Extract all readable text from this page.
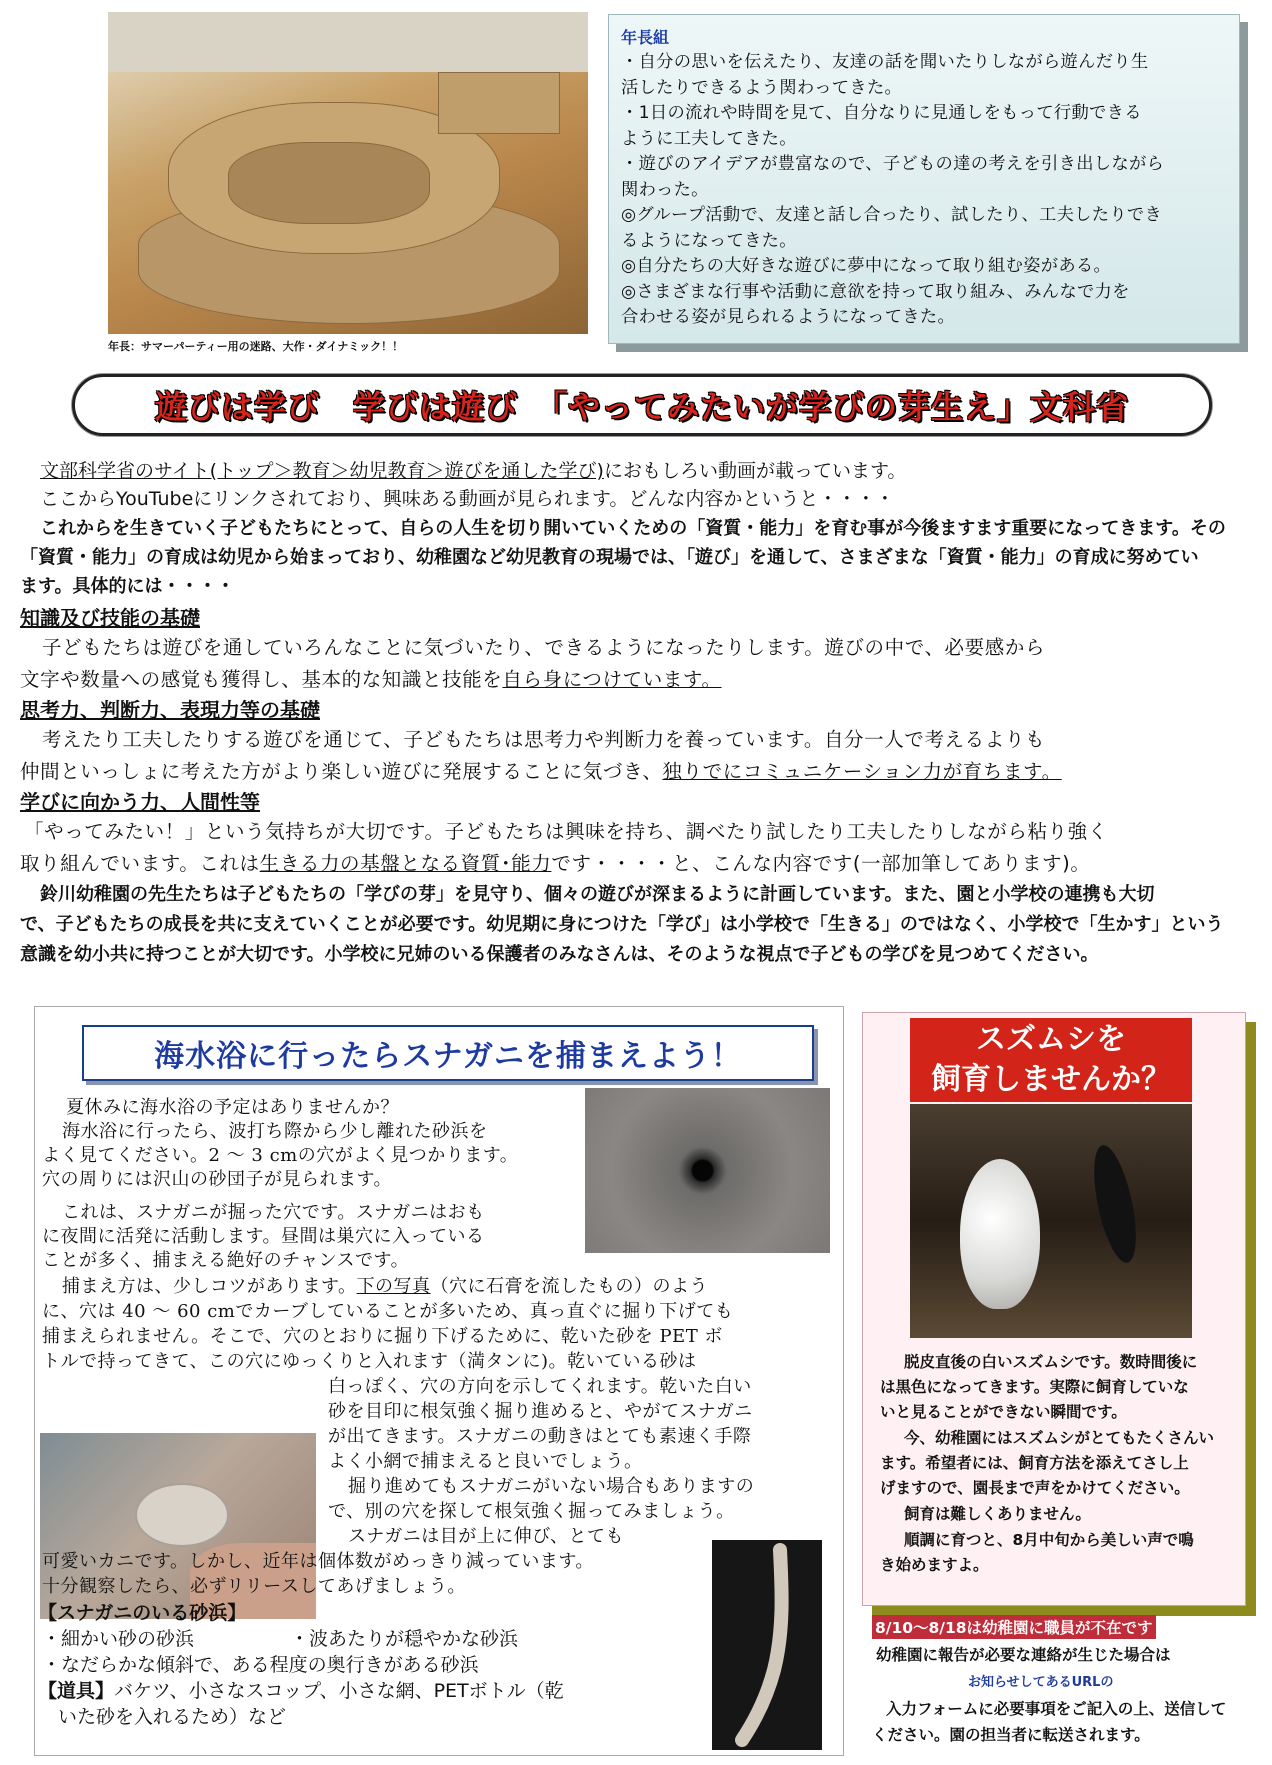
年長：サマーパーティー用の迷路、大作・ダイナミック！！
年長組
・自分の思いを伝えたり、友達の話を聞いたりしながら遊んだり生
活したりできるよう関わってきた。
・1日の流れや時間を見て、自分なりに見通しをもって行動できる
ように工夫してきた。
・遊びのアイデアが豊富なので、子どもの達の考えを引き出しながら
関わった。
◎グループ活動で、友達と話し合ったり、試したり、工夫したりでき
るようになってきた。
◎自分たちの大好きな遊びに夢中になって取り組む姿がある。
◎さまざまな行事や活動に意欲を持って取り組み、みんなで力を
合わせる姿が見られるようになってきた。
遊びは学び　学びは遊び　「やってみたいが学びの芽生え」文科省
文部科学省のサイト(トップ＞教育＞幼児教育＞遊びを通した学び)におもしろい動画が載っています。
ここからYouTubeにリンクされており、興味ある動画が見られます。どんな内容かというと・・・・
これからを生きていく子どもたちにとって、自らの人生を切り開いていくための「資質・能力」を育む事が今後ますます重要になってきます。その
「資質・能力」の育成は幼児から始まっており、幼稚園など幼児教育の現場では、「遊び」を通して、さまざまな「資質・能力」の育成に努めてい
ます。具体的には・・・・
知識及び技能の基礎
子どもたちは遊びを通していろんなことに気づいたり、できるようになったりします。遊びの中で、必要感から
文字や数量への感覚も獲得し、基本的な知識と技能を自ら身につけています。
思考力、判断力、表現力等の基礎
考えたり工夫したりする遊びを通じて、子どもたちは思考力や判断力を養っています。自分一人で考えるよりも
仲間といっしょに考えた方がより楽しい遊びに発展することに気づき、独りでにコミュニケーション力が育ちます。
学びに向かう力、人間性等
「やってみたい！」という気持ちが大切です。子どもたちは興味を持ち、調べたり試したり工夫したりしながら粘り強く
取り組んでいます。これは生きる力の基盤となる資質･能力です・・・・と、こんな内容です(一部加筆してあります)。
鈴川幼稚園の先生たちは子どもたちの「学びの芽」を見守り、個々の遊びが深まるように計画しています。また、園と小学校の連携も大切
で、子どもたちの成長を共に支えていくことが必要です。幼児期に身につけた「学び」は小学校で「生きる」のではなく、小学校で「生かす」という
意識を幼小共に持つことが大切です。小学校に兄姉のいる保護者のみなさんは、そのような視点で子どもの学びを見つめてください。
海水浴に行ったらスナガニを捕まえよう！
夏休みに海水浴の予定はありませんか？
海水浴に行ったら、波打ち際から少し離れた砂浜を
よく見てください。2 ～ 3 cmの穴がよく見つかります。
穴の周りには沢山の砂団子が見られます。
これは、スナガニが掘った穴です。スナガニはおも
に夜間に活発に活動します。昼間は巣穴に入っている
ことが多く、捕まえる絶好のチャンスです。
捕まえ方は、少しコツがあります。下の写真（穴に石膏を流したもの）のよう
に、穴は 40 ～ 60 cmでカーブしていることが多いため、真っ直ぐに掘り下げても
捕まえられません。そこで、穴のとおりに掘り下げるために、乾いた砂を PET ボ
トルで持ってきて、この穴にゆっくりと入れます（満タンに)。乾いている砂は
白っぽく、穴の方向を示してくれます。乾いた白い
砂を目印に根気強く掘り進めると、やがてスナガニ
が出てきます。スナガニの動きはとても素速く手際
よく小網で捕まえると良いでしょう。
掘り進めてもスナガニがいない場合もありますの
で、別の穴を探して根気強く掘ってみましょう。
スナガニは目が上に伸び、とても
可愛いカニです。しかし、近年は個体数がめっきり減っています。
十分観察したら、必ずリリースしてあげましょう。
【スナガニのいる砂浜】
・細かい砂の砂浜	・波あたりが穏やかな砂浜
・なだらかな傾斜で、ある程度の奥行きがある砂浜
【道具】バケツ、小さなスコップ、小さな網、PETボトル（乾
いた砂を入れるため）など
スズムシを
飼育しませんか？
脱皮直後の白いスズムシです。数時間後に
は黒色になってきます。実際に飼育していな
いと見ることができない瞬間です。
今、幼稚園にはスズムシがとてもたくさんい
ます。希望者には、飼育方法を添えてさし上
げますので、園長まで声をかけてください。
飼育は難しくありません。
順調に育つと、8月中旬から美しい声で鳴
き始めますよ。
8/10～8/18は幼稚園に職員が不在です
幼稚園に報告が必要な連絡が生じた場合は
お知らせしてあるURLの
入力フォームに必要事項をご記入の上、送信して
ください。園の担当者に転送されます。
